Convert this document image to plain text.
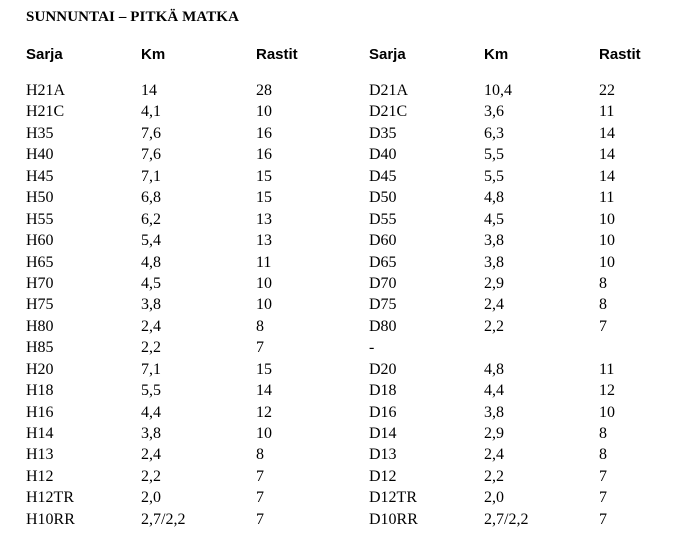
SUNNUNTAI – PITKÄ MATKA
Sarja	Km	Rastit	Sarja	Km	Rastit
H21A	14	28	D21A	10,4	22
H21C	4,1	10	D21C	3,6	11
H35	7,6	16	D35	6,3	14
H40	7,6	16	D40	5,5	14
H45	7,1	15	D45	5,5	14
H50	6,8	15	D50	4,8	11
H55	6,2	13	D55	4,5	10
H60	5,4	13	D60	3,8	10
H65	4,8	11	D65	3,8	10
H70	4,5	10	D70	2,9	8
H75	3,8	10	D75	2,4	8
H80	2,4	8	D80	2,2	7
H85	2,2	7	-
H20	7,1	15	D20	4,8	11
H18	5,5	14	D18	4,4	12
H16	4,4	12	D16	3,8	10
H14	3,8	10	D14	2,9	8
H13	2,4	8	D13	2,4	8
H12	2,2	7	D12	2,2	7
H12TR	2,0	7	D12TR	2,0	7
H10RR	2,7/2,2	7	D10RR	2,7/2,2	7
